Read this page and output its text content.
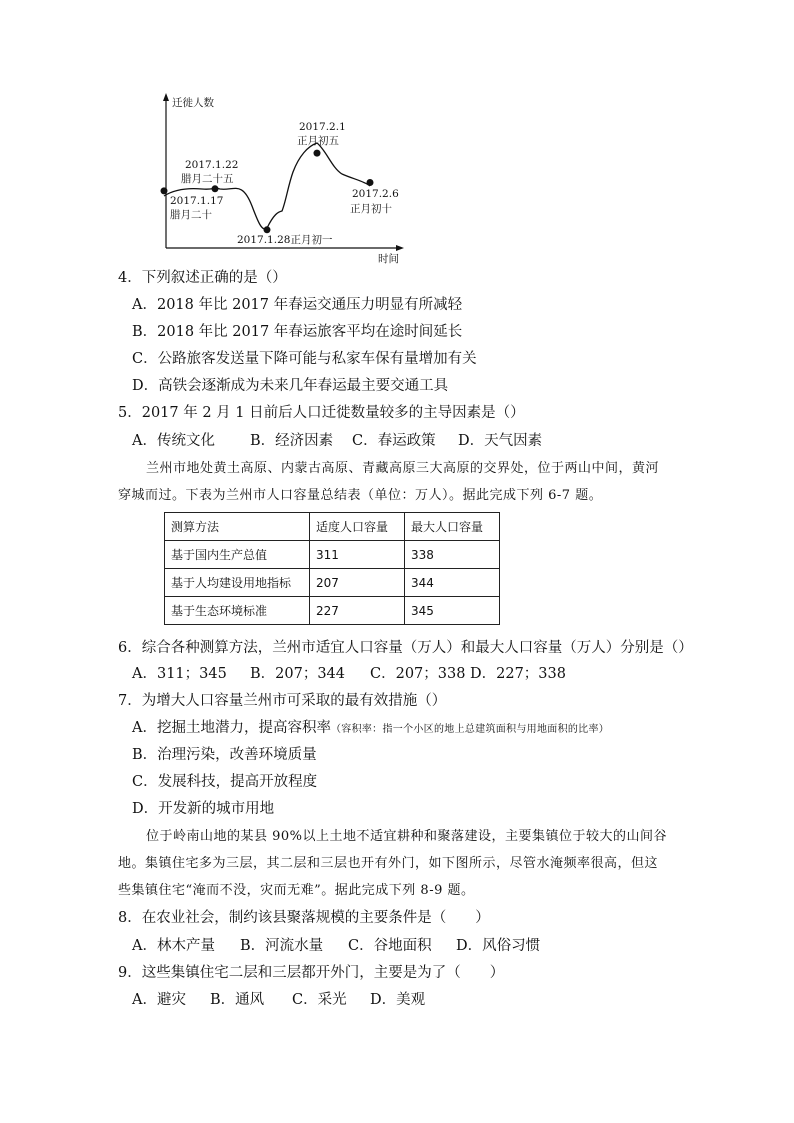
迁徙人数
时间
2017.1.17
腊月二十
2017.1.22
腊月二十五
2017.1.28正月初一
2017.2.1
正月初五
2017.2.6
正月初十
4．下列叙述正确的是（）
A．2018 年比 2017 年春运交通压力明显有所减轻
B．2018 年比 2017 年春运旅客平均在途时间延长
C．公路旅客发送量下降可能与私家车保有量增加有关
D．高铁会逐渐成为未来几年春运最主要交通工具
5．2017 年 2 月 1 日前后人口迁徙数量较多的主导因素是（）
A．传统文化 B．经济因素 C．春运政策 D．天气因素
兰州市地处黄土高原、内蒙古高原、青藏高原三大高原的交界处，位于两山中间，黄河
穿城而过。下表为兰州市人口容量总结表（单位：万人）。据此完成下列 6-7 题。
测算方法	适度人口容量	最大人口容量
基于国内生产总值	311	338
基于人均建设用地指标	207	344
基于生态环境标准	227	345
6．综合各种测算方法，兰州市适宜人口容量（万人）和最大人口容量（万人）分别是（）
A．311；345 B．207；344 C．207；338 D．227；338
7．为增大人口容量兰州市可采取的最有效措施（）
A．挖掘土地潜力，提高容积率（容积率：指一个小区的地上总建筑面积与用地面积的比率）
B．治理污染，改善环境质量
C．发展科技，提高开放程度
D．开发新的城市用地
位于岭南山地的某县 90%以上土地不适宜耕种和聚落建设，主要集镇位于较大的山间谷
地。集镇住宅多为三层，其二层和三层也开有外门，如下图所示，尽管水淹频率很高，但这
些集镇住宅“淹而不没，灾而无难”。据此完成下列 8-9 题。
8．在农业社会，制约该县聚落规模的主要条件是（　　）
A．林木产量 B．河流水量 C．谷地面积 D．风俗习惯
9．这些集镇住宅二层和三层都开外门，主要是为了（　　）
A．避灾 B．通风 C．采光 D．美观
